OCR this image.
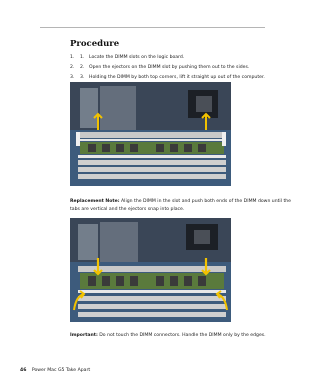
Procedure
1. 1. Locate the DIMM slots on the logic board.
2. 2. Open the ejectors on the DIMM slot by pushing them out to the sides.
3. 3. Holding the DIMM by both top corners, lift it straight up out of the computer.
Replacement Note: Align the DIMM in the slot and push both ends of the DIMM down until the
tabs are vertical and the ejectors snap into place.
Important: Do not touch the DIMM connectors. Handle the DIMM only by the edges.
46 Power Mac G5 Take Apart
